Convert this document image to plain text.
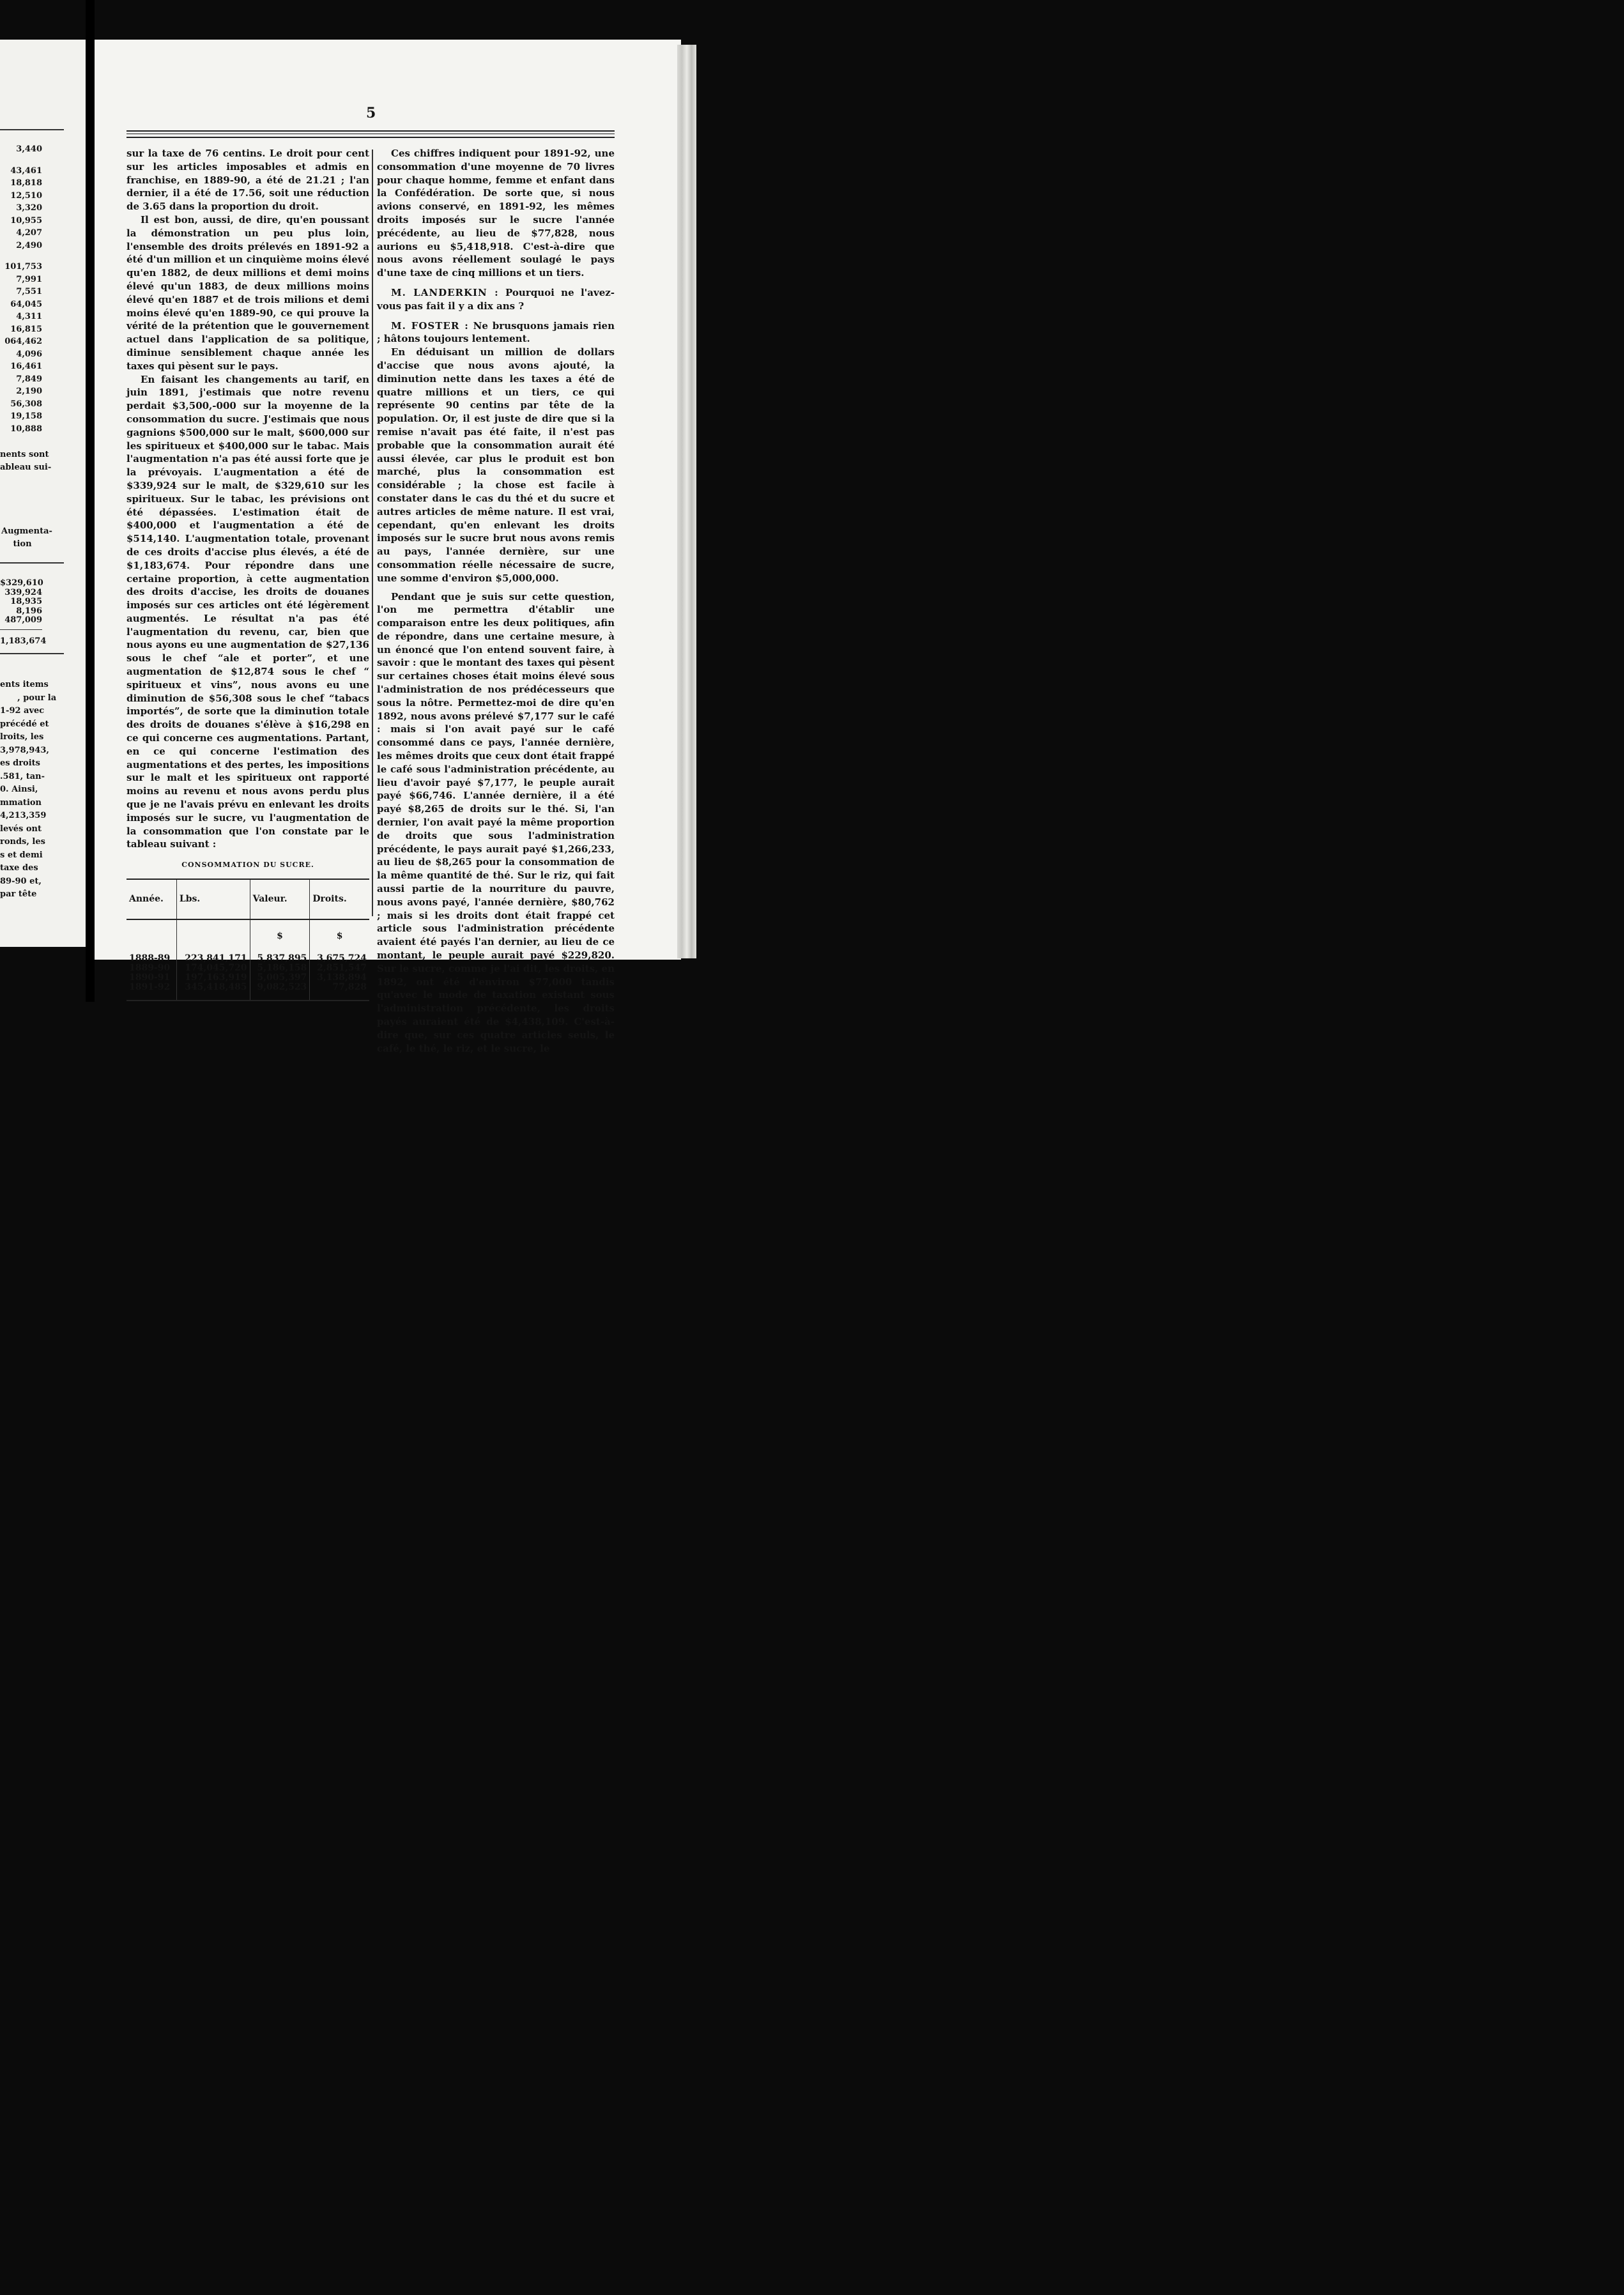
3,440
43,461
18,818
12,510
3,320
10,955
4,207
2,490
101,753
7,991
7,551
64,045
4,311
16,815
064,462
4,096
16,461
7,849
2,190
56,308
19,158
10,888
nents sont
ableau sui-
Augmenta-
tion
$329,610
339,924
18,935
8,196
487,009
1,183,674
ents items
, pour la
1-92 avec
précédé et
lroits, les
3,978,943,
es droits
.581, tan-
0. Ainsi,
mmation
4,213,359
levés ont
ronds, les
s et demi
taxe des
89-90 et,
par tête
5

sur la taxe de 76 centins. Le droit pour cent sur les articles imposables et admis en franchise, en 1889-90, a été de 21.21 ; l'an dernier, il a été de 17.56, soit une réduction de 3.65 dans la proportion du droit.

Il est bon, aussi, de dire, qu'en poussant la démonstration un peu plus loin, l'ensemble des droits prélevés en 1891-92 a été d'un million et un cinquième moins élevé qu'en 1882, de deux millions et demi moins élevé qu'un 1883, de deux millions moins élevé qu'en 1887 et de trois milions et demi moins élevé qu'en 1889-90, ce qui prouve la vérité de la prétention que le gouvernement actuel dans l'application de sa politique, diminue sensiblement chaque année les taxes qui pèsent sur le pays.

En faisant les changements au tarif, en juin 1891, j'estimais que notre revenu perdait $3,500,-000 sur la moyenne de la consommation du sucre. J'estimais que nous gagnions $500,000 sur le malt, $600,000 sur les spiritueux et $400,000 sur le tabac. Mais l'augmentation n'a pas été aussi forte que je la prévoyais. L'augmentation a été de $339,924 sur le malt, de $329,610 sur les spiritueux. Sur le tabac, les prévisions ont été dépassées. L'estimation était de $400,000 et l'augmentation a été de $514,140. L'augmentation totale, provenant de ces droits d'accise plus élevés, a été de $1,183,674. Pour répondre dans une certaine proportion, à cette augmentation des droits d'accise, les droits de douanes imposés sur ces articles ont été légèrement augmentés. Le résultat n'a pas été l'augmentation du revenu, car, bien que nous ayons eu une augmentation de $27,136 sous le chef “ale et porter”, et une augmentation de $12,874 sous le chef “ spiritueux et vins”, nous avons eu une diminution de $56,308 sous le chef “tabacs importés”, de sorte que la diminution totale des droits de douanes s'élève à $16,298 en ce qui concerne ces augmentations. Partant, en ce qui concerne l'estimation des augmentations et des pertes, les impositions sur le malt et les spiritueux ont rapporté moins au revenu et nous avons perdu plus que je ne l'avais prévu en enlevant les droits imposés sur le sucre, vu l'augmentation de la consommation que l'on constate par le tableau suivant :

CONSOMMATION DU SUCRE.
Année.	Lbs.	Valeur.	Droits.
		$	$
1888-89	223,841,171	5,837,895	3,675,724
1889-90	174,045,720	5,186,158	2,851,547
1890-91	197,163,919	5,005,397	3,138,894
1891-92	345,418,485	9,082,523	77,828

Ces chiffres indiquent pour 1891-92, une consommation d'une moyenne de 70 livres pour chaque homme, femme et enfant dans la Confédération. De sorte que, si nous avions conservé, en 1891-92, les mêmes droits imposés sur le sucre l'année précédente, au lieu de $77,828, nous aurions eu $5,418,918. C'est-à-dire que nous avons réellement soulagé le pays d'une taxe de cinq millions et un tiers.

M. LANDERKIN : Pourquoi ne l'avez-vous pas fait il y a dix ans ?

M. FOSTER : Ne brusquons jamais rien ; hâtons toujours lentement.

En déduisant un million de dollars d'accise que nous avons ajouté, la diminution nette dans les taxes a été de quatre millions et un tiers, ce qui représente 90 centins par tête de la population. Or, il est juste de dire que si la remise n'avait pas été faite, il n'est pas probable que la consommation aurait été aussi élevée, car plus le produit est bon marché, plus la consommation est considérable ; la chose est facile à constater dans le cas du thé et du sucre et autres articles de même nature. Il est vrai, cependant, qu'en enlevant les droits imposés sur le sucre brut nous avons remis au pays, l'année dernière, sur une consommation réelle nécessaire de sucre, une somme d'environ $5,000,000.

Pendant que je suis sur cette question, l'on me permettra d'établir une comparaison entre les deux politiques, afin de répondre, dans une certaine mesure, à un énoncé que l'on entend souvent faire, à savoir : que le montant des taxes qui pèsent sur certaines choses était moins élevé sous l'administration de nos prédécesseurs que sous la nôtre. Permettez-moi de dire qu'en 1892, nous avons prélevé $7,177 sur le café : mais si l'on avait payé sur le café consommé dans ce pays, l'année dernière, les mêmes droits que ceux dont était frappé le café sous l'administration précédente, au lieu d'avoir payé $7,177, le peuple aurait payé $66,746. L'année dernière, il a été payé $8,265 de droits sur le thé. Si, l'an dernier, l'on avait payé la même proportion de droits que sous l'administration précédente, le pays aurait payé $1,266,233, au lieu de $8,265 pour la consommation de la même quantité de thé. Sur le riz, qui fait aussi partie de la nourriture du pauvre, nous avons payé, l'année dernière, $80,762 ; mais si les droits dont était frappé cet article sous l'administration précédente avaient été payés l'an dernier, au lieu de ce montant, le peuple aurait payé $229,820. Sur le sucre, comme je l'ai dit, les droits, en 1892, ont été d'environ $77,000 tandis qu'avec le mode de taxation existant sous l'administration précédente, les droits payés auraient été de $4,438,109. C'est-à-dire que, sur ces quatre articles seuls, le café, le thé, le riz, et le sucre, le
